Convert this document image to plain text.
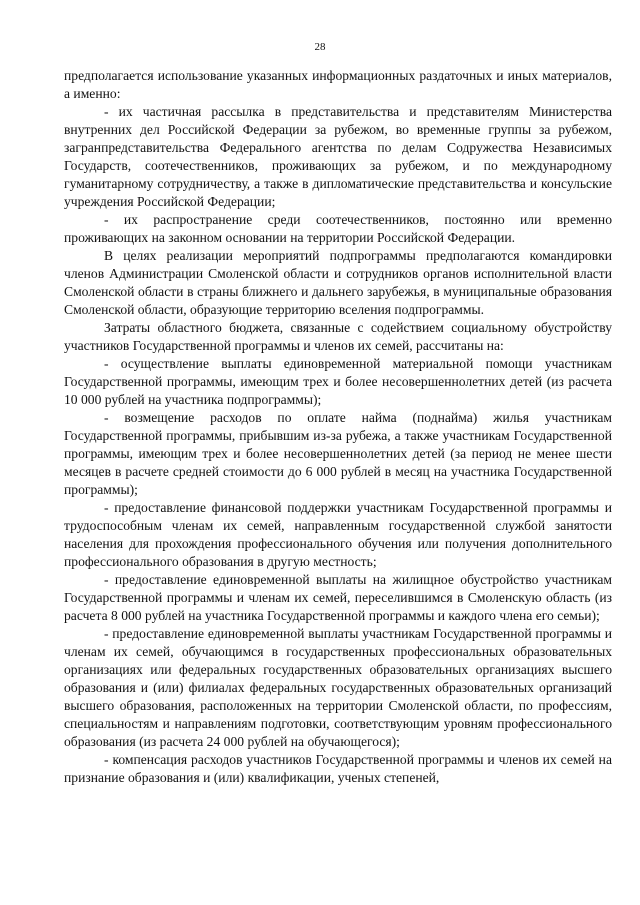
28

предполагается использование указанных информационных раздаточных и иных материалов, а именно:

- их частичная рассылка в представительства и представителям Министерства внутренних дел Российской Федерации за рубежом, во временные группы за рубежом, загранпредставительства Федерального агентства по делам Содружества Независимых Государств, соотечественников, проживающих за рубежом, и по международному гуманитарному сотрудничеству, а также в дипломатические представительства и консульские учреждения Российской Федерации;

- их распространение среди соотечественников, постоянно или временно проживающих на законном основании на территории Российской Федерации.

В целях реализации мероприятий подпрограммы предполагаются командировки членов Администрации Смоленской области и сотрудников органов исполнительной власти Смоленской области в страны ближнего и дальнего зарубежья, в муниципальные образования Смоленской области, образующие территорию вселения подпрограммы.

Затраты областного бюджета, связанные с содействием социальному обустройству участников Государственной программы и членов их семей, рассчитаны на:

- осуществление выплаты единовременной материальной помощи участникам Государственной программы, имеющим трех и более несовершеннолетних детей (из расчета 10 000 рублей на участника подпрограммы);

- возмещение расходов по оплате найма (поднайма) жилья участникам Государственной программы, прибывшим из-за рубежа, а также участникам Государственной программы, имеющим трех и более несовершеннолетних детей (за период не менее шести месяцев в расчете средней стоимости до 6 000 рублей в месяц на участника Государственной программы);

- предоставление финансовой поддержки участникам Государственной программы и трудоспособным членам их семей, направленным государственной службой занятости населения для прохождения профессионального обучения или получения дополнительного профессионального образования в другую местность;

- предоставление единовременной выплаты на жилищное обустройство участникам Государственной программы и членам их семей, переселившимся в Смоленскую область (из расчета 8 000 рублей на участника Государственной программы и каждого члена его семьи);

- предоставление единовременной выплаты участникам Государственной программы и членам их семей, обучающимся в государственных профессиональных образовательных организациях или федеральных государственных образовательных организациях высшего образования и (или) филиалах федеральных государственных образовательных организаций высшего образования, расположенных на территории Смоленской области, по профессиям, специальностям и направлениям подготовки, соответствующим уровням профессионального образования (из расчета 24 000 рублей на обучающегося);

- компенсация расходов участников Государственной программы и членов их семей на признание образования и (или) квалификации, ученых степеней,
